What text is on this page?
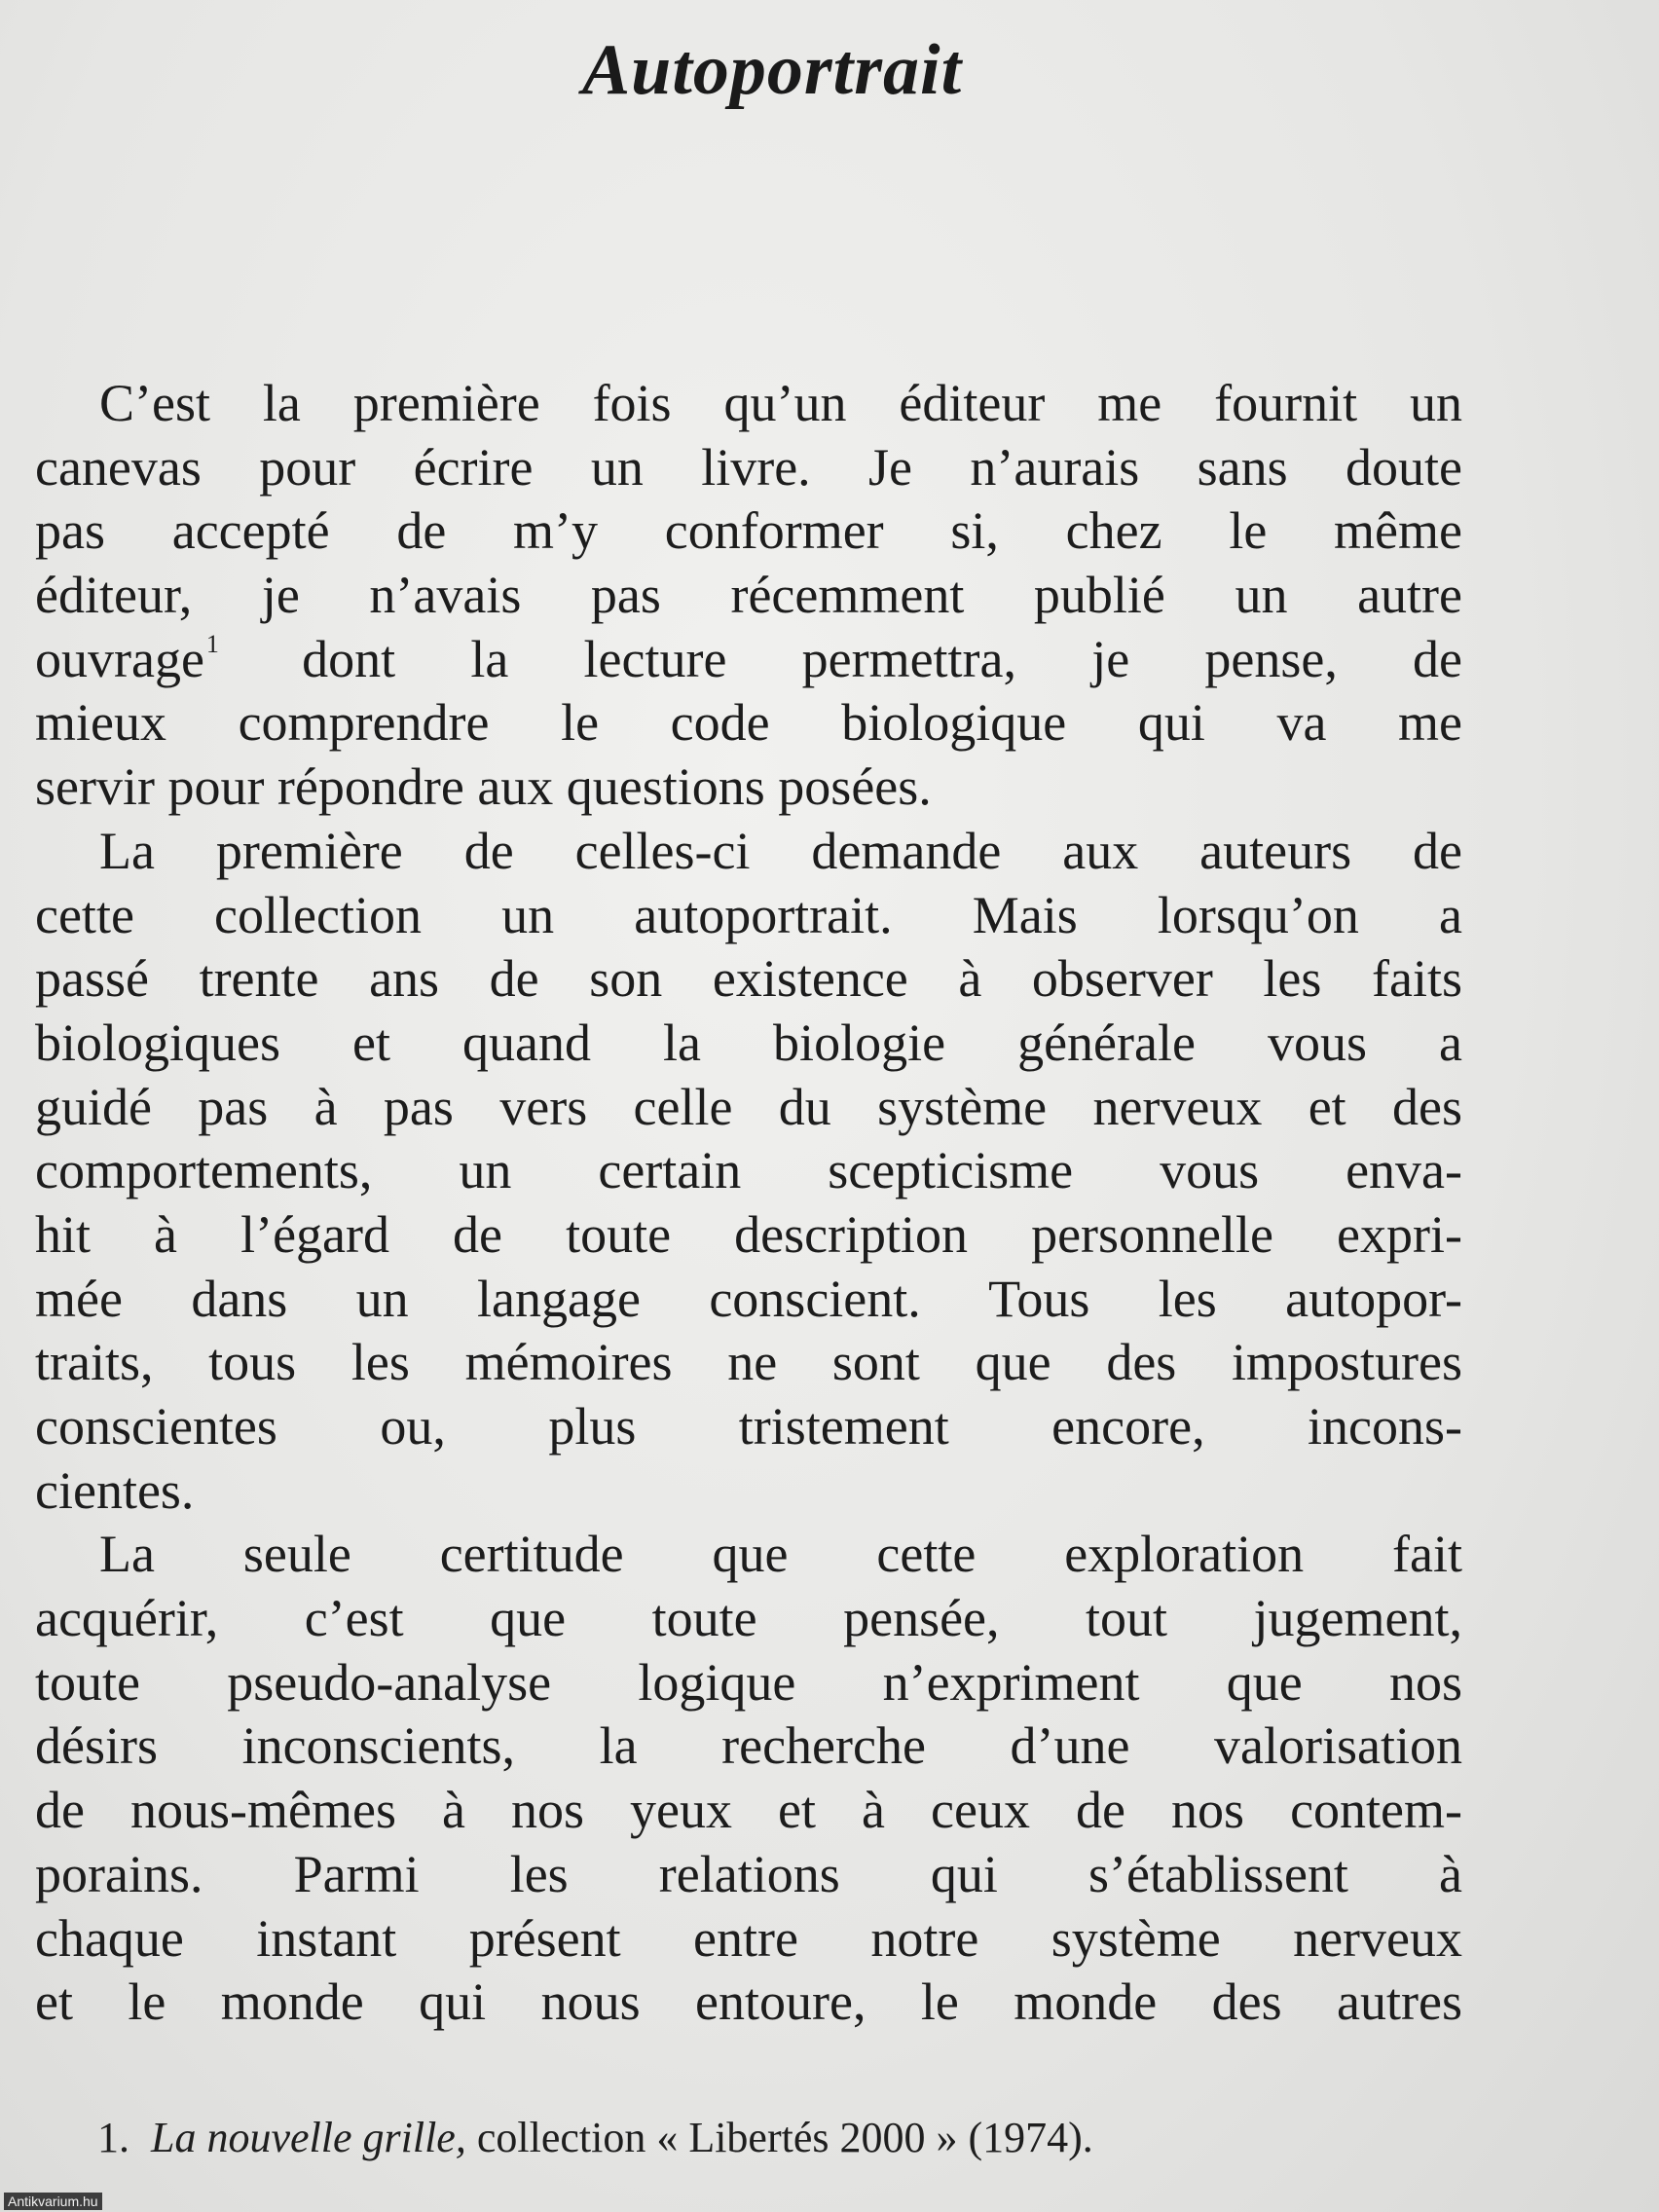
Autoportrait
C’est la première fois qu’un éditeur me fournit un
canevas pour écrire un livre. Je n’aurais sans doute
pas accepté de m’y conformer si, chez le même
éditeur, je n’avais pas récemment publié un autre
ouvrage$^1$ dont la lecture permettra, je pense, de
mieux comprendre le code biologique qui va me
servir pour répondre aux questions posées.
La première de celles-ci demande aux auteurs de
cette collection un autoportrait. Mais lorsqu’on a
passé trente ans de son existence à observer les faits
biologiques et quand la biologie générale vous a
guidé pas à pas vers celle du système nerveux et des
comportements, un certain scepticisme vous enva-
hit à l’égard de toute description personnelle expri-
mée dans un langage conscient. Tous les autopor-
traits, tous les mémoires ne sont que des impostures
conscientes ou, plus tristement encore, incons-
cientes.
La seule certitude que cette exploration fait
acquérir, c’est que toute pensée, tout jugement,
toute pseudo-analyse logique n’expriment que nos
désirs inconscients, la recherche d’une valorisation
de nous-mêmes à nos yeux et à ceux de nos contem-
porains. Parmi les relations qui s’établissent à
chaque instant présent entre notre système nerveux
et le monde qui nous entoure, le monde des autres
1. La nouvelle grille, collection « Libertés 2000 » (1974).
Antikvarium.hu
